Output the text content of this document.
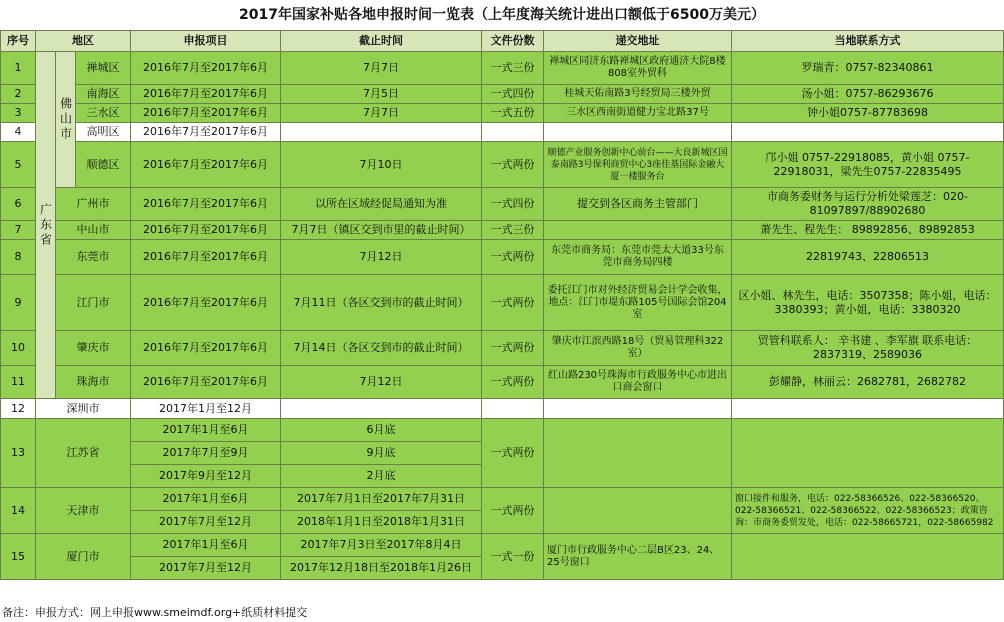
2017年国家补贴各地申报时间一览表（上年度海关统计进出口额低于6500万美元）
序号	地区			申报项目	截止时间	文件份数	递交地址	当地联系方式
1	广东省	佛山市	禅城区	2016年7月至2017年6月	7月7日	一式三份	禅城区同济东路禅城区政府通济大院8楼808室外贸科	罗瑞青：0757-82340861
2			南海区	2016年7月至2017年6月	7月5日	一式四份	桂城天佑南路3号经贸局三楼外贸	汤小姐：0757-86293676
3			三水区	2016年7月至2017年6月	7月7日	一式五份	三水区西南街道健力宝北路37号	钟小姐0757-87783698
4			高明区	2016年7月至2017年6月				
5			顺德区	2016年7月至2017年6月	7月10日	一式两份	顺德产业服务创新中心前台——大良新城区国泰南路3号保利商贸中心3座佳基国际金融大厦一楼服务台	邝小姐 0757-22918085，黄小姐 0757-22918031，梁先生0757-22835495
6		广州市		2016年7月至2017年6月	以所在区域经促局通知为准	一式四份	提交到各区商务主管部门	市商务委财务与运行分析处梁莲芝：020-81097897/88902680
7		中山市		2016年7月至2017年6月	7月7日（镇区交到市里的截止时间）	一式三份		萧先生、程先生： 89892856、89892853
8		东莞市		2016年7月至2017年6月	7月12日	一式两份	东莞市商务局：东莞市莞太大道33号东莞市商务局四楼	22819743、22806513
9		江门市		2016年7月至2017年6月	7月11日（各区交到市的截止时间）	一式两份	委托江门市对外经济贸易会计学会收集，地点：江门市堤东路105号国际会馆204室	区小姐、林先生，电话：3507358；陈小姐，电话：3380393；黄小姐，电话：3380320
10		肇庆市		2016年7月至2017年6月	7月14日（各区交到市的截止时间）	一式两份	肇庆市江滨西路18号（贸易管理科322室）	贸管科联系人： 辛书建 、李军旗 联系电话：2837319、2589036
11		珠海市		2016年7月至2017年6月	7月12日	一式两份	红山路230号珠海市行政服务中心市进出口商会窗口	彭耀静，林丽云：2682781，2682782
12	深圳市			2017年1月至12月				
13	江苏省			2017年1月至6月	6月底	一式两份		
				2017年7月至9月	9月底			
				2017年9月至12月	2月底			
14	天津市			2017年1月至6月	2017年7月1日至2017年7月31日	一式两份		窗口接件和服务，电话：022-58366526、022-58366520、022-58366521、022-58366522、022-58366523；政策咨询：市商务委贸发处，电话：022-58665721，022-58665982
				2017年7月至12月	2018年1月1日至2018年1月31日			
15	厦门市			2017年1月至6月	2017年7月3日至2017年8月4日	一式一份	厦门市行政服务中心二层B区23、24、25号窗口	
				2017年7月至12月	2017年12月18日至2018年1月26日			
备注：申报方式：网上申报www.smeimdf.org+纸质材料提交
